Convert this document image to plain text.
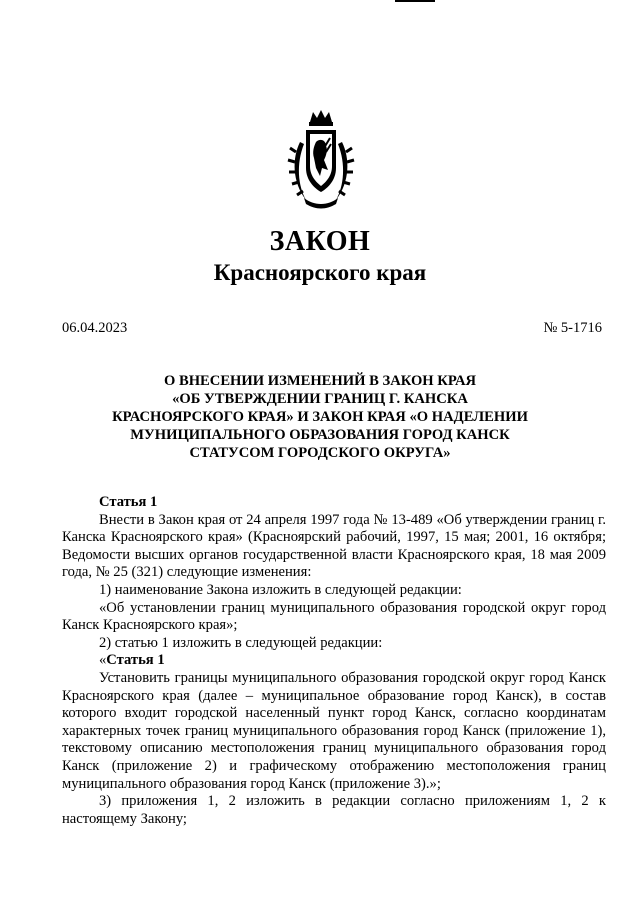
ЗАКОН
Красноярского края
06.04.2023	№ 5-1716
О ВНЕСЕНИИ ИЗМЕНЕНИЙ В ЗАКОН КРАЯ
«ОБ УТВЕРЖДЕНИИ ГРАНИЦ Г. КАНСКА
КРАСНОЯРСКОГО КРАЯ» И ЗАКОН КРАЯ «О НАДЕЛЕНИИ
МУНИЦИПАЛЬНОГО ОБРАЗОВАНИЯ ГОРОД КАНСК
СТАТУСОМ ГОРОДСКОГО ОКРУГА»

Статья 1

Внести в Закон края от 24 апреля 1997 года № 13-489 «Об утверждении границ г. Канска Красноярского края» (Красноярский рабочий, 1997, 15 мая; 2001, 16 октября; Ведомости высших органов государственной власти Красноярского края, 18 мая 2009 года, № 25 (321) следующие изменения:

1) наименование Закона изложить в следующей редакции:

«Об установлении границ муниципального образования городской округ город Канск Красноярского края»;

2) статью 1 изложить в следующей редакции:

«Статья 1

Установить границы муниципального образования городской округ город Канск Красноярского края (далее – муниципальное образование город Канск), в состав которого входит городской населенный пункт город Канск, согласно координатам характерных точек границ муниципального образования город Канск (приложение 1), текстовому описанию местоположения границ муниципального образования город Канск (приложение 2) и графическому отображению местоположения границ муниципального образования город Канск (приложение 3).»;

3) приложения 1, 2 изложить в редакции согласно приложениям 1, 2 к настоящему Закону;
